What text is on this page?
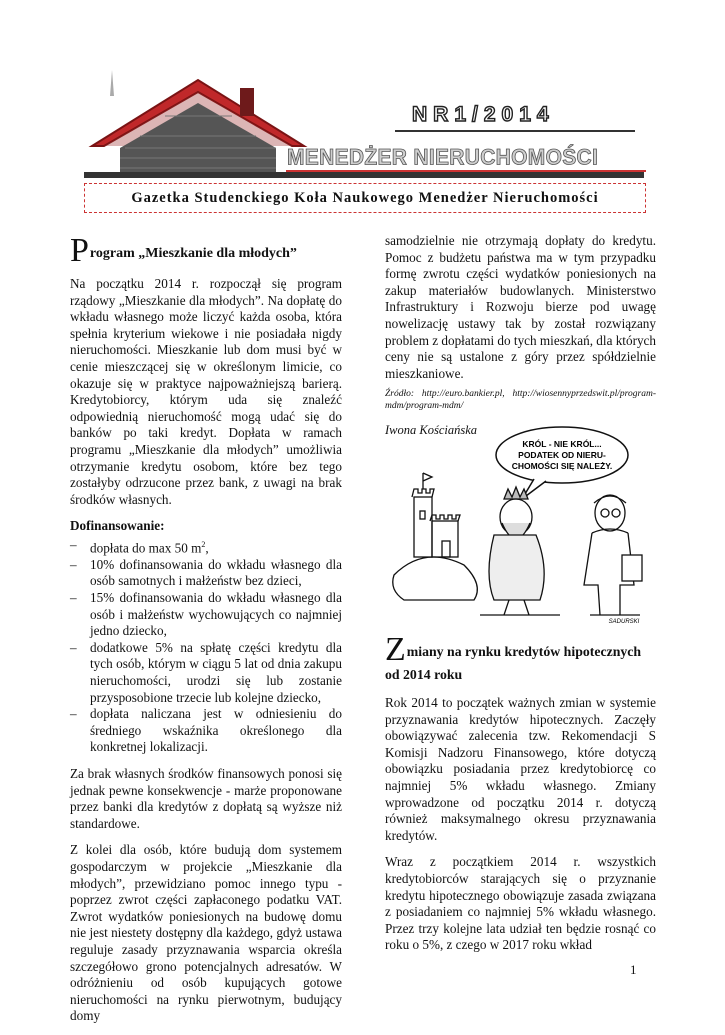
NR1/2014
MENEDŻER NIERUCHOMOŚCI
Gazetka Studenckiego Koła Naukowego Menedżer Nieruchomości
Program „Mieszkanie dla młodych”

Na początku 2014 r. rozpoczął się program rządowy „Mieszkanie dla młodych”. Na dopłatę do wkładu własnego może liczyć każda osoba, która spełnia kryterium wiekowe i nie posiadała nigdy nieruchomości. Mieszkanie lub dom musi być w cenie mieszczącej się w określonym limicie, co okazuje się w praktyce najpoważniejszą barierą. Kredytobiorcy, którym uda się znaleźć odpowiednią nieruchomość mogą udać się do banków po taki kredyt. Dopłata w ramach programu „Mieszkanie dla młodych” umożliwia otrzymanie kredytu osobom, które bez tego zostałyby odrzucone przez bank, z uwagi na brak środków własnych.

Dofinansowanie:
– dopłata do max 50 $m^2$,
– 10% dofinansowania do wkładu własnego dla osób samotnych i małżeństw bez dzieci,
– 15% dofinansowania do wkładu własnego dla osób i małżeństw wychowujących co najmniej jedno dziecko,
– dodatkowe 5% na spłatę części kredytu dla tych osób, którym w ciągu 5 lat od dnia zakupu nieruchomości, urodzi się lub zostanie przysposobione trzecie lub kolejne dziecko,
– dopłata naliczana jest w odniesieniu do średniego wskaźnika określonego dla konkretnej lokalizacji.

Za brak własnych środków finansowych ponosi się jednak pewne konsekwencje - marże proponowane przez banki dla kredytów z dopłatą są wyższe niż standardowe.

Z kolei dla osób, które budują dom systemem gospodarczym w projekcie „Mieszkanie dla młodych”, przewidziano pomoc innego typu - poprzez zwrot części zapłaconego podatku VAT. Zwrot wydatków poniesionych na budowę domu nie jest niestety dostępny dla każdego, gdyż ustawa reguluje zasady przyznawania wsparcia określa szczegółowo grono potencjalnych adresatów. W odróżnieniu od osób kupujących gotowe nieruchomości na rynku pierwotnym, budujący domy

samodzielnie nie otrzymają dopłaty do kredytu. Pomoc z budżetu państwa ma w tym przypadku formę zwrotu części wydatków poniesionych na zakup materiałów budowlanych. Ministerstwo Infrastruktury i Rozwoju bierze pod uwagę nowelizację ustawy tak by został rozwiązany problem z dopłatami do tych mieszkań, dla których ceny nie są ustalone z góry przez spółdzielnie mieszkaniowe.

Źródło: http://euro.bankier.pl, http://wiosennyprzedswit.pl/program-mdm/program-mdm/

Iwona Kościańska

KRÓL - NIE KRÓL...
PODATEK OD NIERU-
CHOMOŚCI SIĘ NALEŻY.
SADURSKI
Zmiany na rynku kredytów hipotecznych od 2014 roku

Rok 2014 to początek ważnych zmian w systemie przyznawania kredytów hipotecznych. Zaczęły obowiązywać zalecenia tzw. Rekomendacji S Komisji Nadzoru Finansowego, które dotyczą obowiązku posiadania przez kredytobiorcę co najmniej 5% wkładu własnego. Zmiany wprowadzone od początku 2014 r. dotyczą również maksymalnego okresu przyznawania kredytów.

Wraz z początkiem 2014 r. wszystkich kredytobiorców starających się o przyznanie kredytu hipotecznego obowiązuje zasada związana z posiadaniem co najmniej 5% wkładu własnego. Przez trzy kolejne lata udział ten będzie rosnąć co roku o 5%, z czego w 2017 roku wkład

1
